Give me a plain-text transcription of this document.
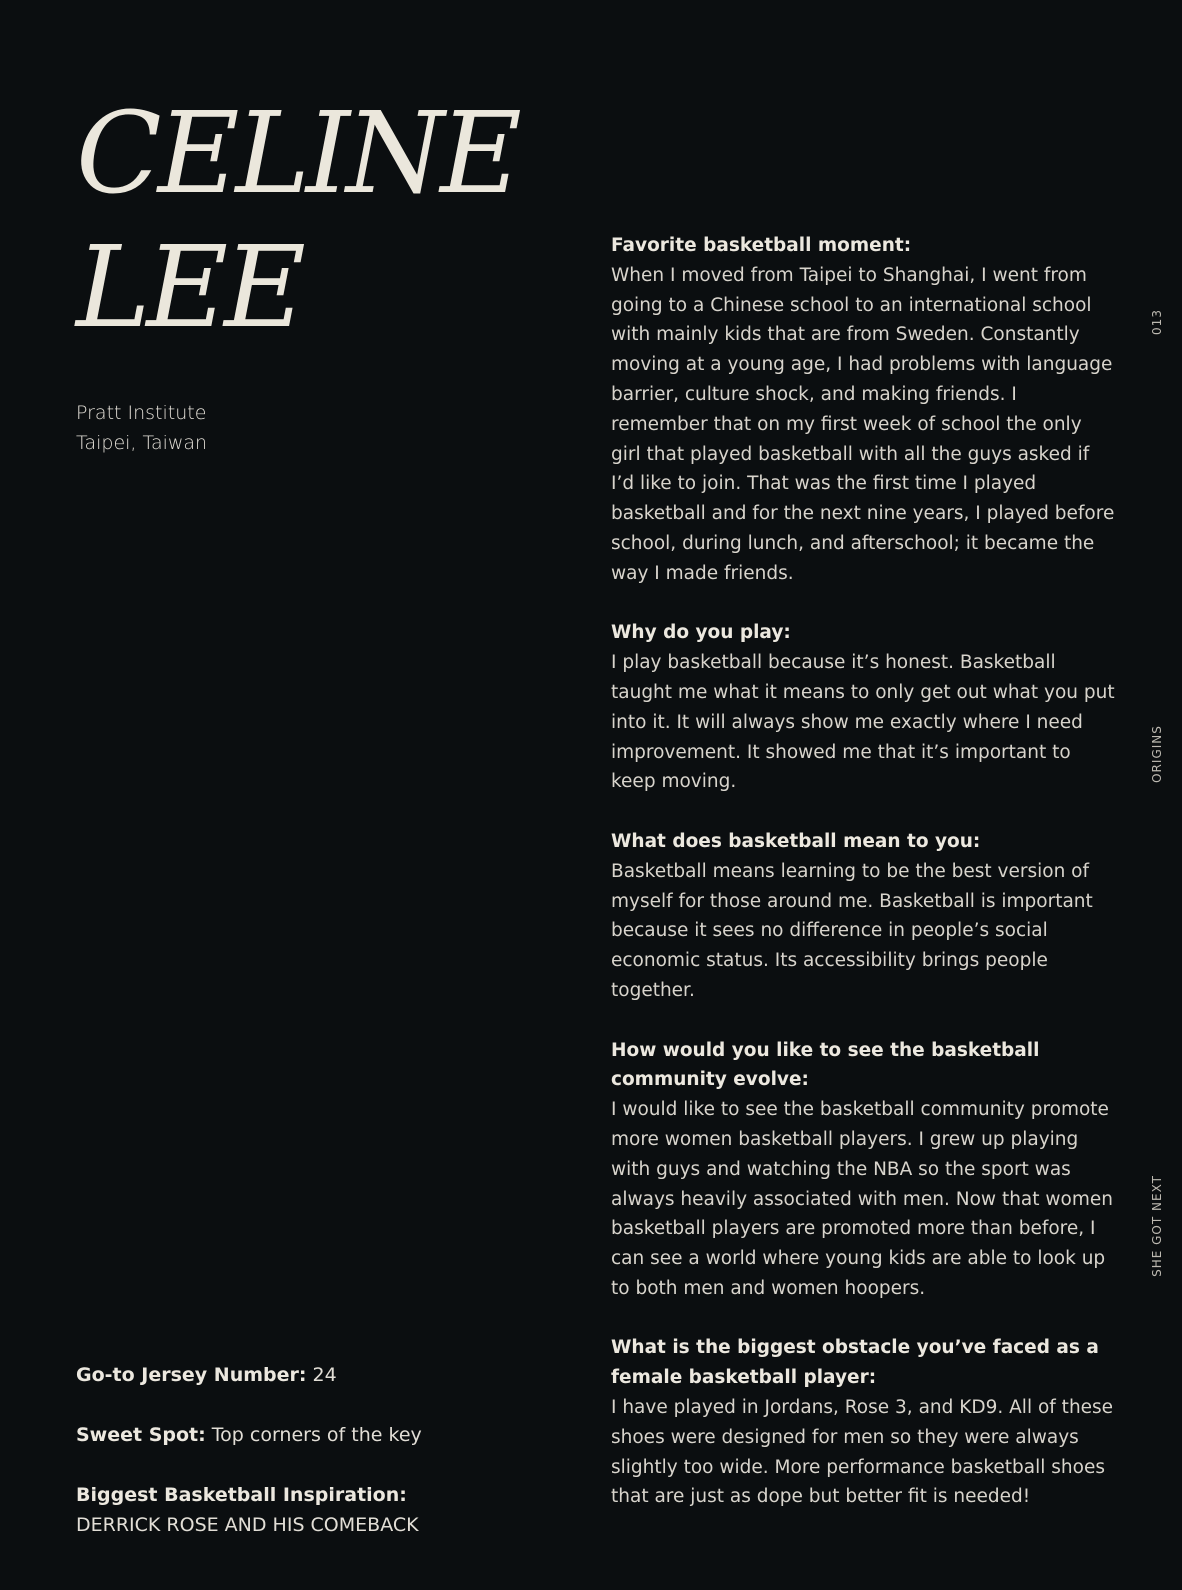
CELINE
LEE
Pratt Institute
Taipei, Taiwan
Go-to Jersey Number: 24
Sweet Spot: Top corners of the key
Biggest Basketball Inspiration:
DERRICK ROSE AND HIS COMEBACK
Favorite basketball moment:
When I moved from Taipei to Shanghai, I went from going to a Chinese school to an international school with mainly kids that are from Sweden. Constantly moving at a young age, I had problems with language barrier, culture shock, and making friends. I remember that on my first week of school the only girl that played basketball with all the guys asked if I’d like to join. That was the first time I played basketball and for the next nine years, I played before school, during lunch, and afterschool; it became the way I made friends.
Why do you play:
I play basketball because it’s honest. Basketball taught me what it means to only get out what you put into it. It will always show me exactly where I need improvement. It showed me that it’s important to keep moving.
What does basketball mean to you:
Basketball means learning to be the best version of myself for those around me. Basketball is important because it sees no difference in people’s social economic status. Its accessibility brings people together.
How would you like to see the basketball community evolve:
I would like to see the basketball community promote more women basketball players. I grew up playing with guys and watching the NBA so the sport was always heavily associated with men. Now that women basketball players are promoted more than before, I can see a world where young kids are able to look up to both men and women hoopers.
What is the biggest obstacle you’ve faced as a female basketball player:
I have played in Jordans, Rose 3, and KD9. All of these shoes were designed for men so they were always slightly too wide. More performance basketball shoes that are just as dope but better fit is needed!
013
ORIGINS
SHE GOT NEXT
